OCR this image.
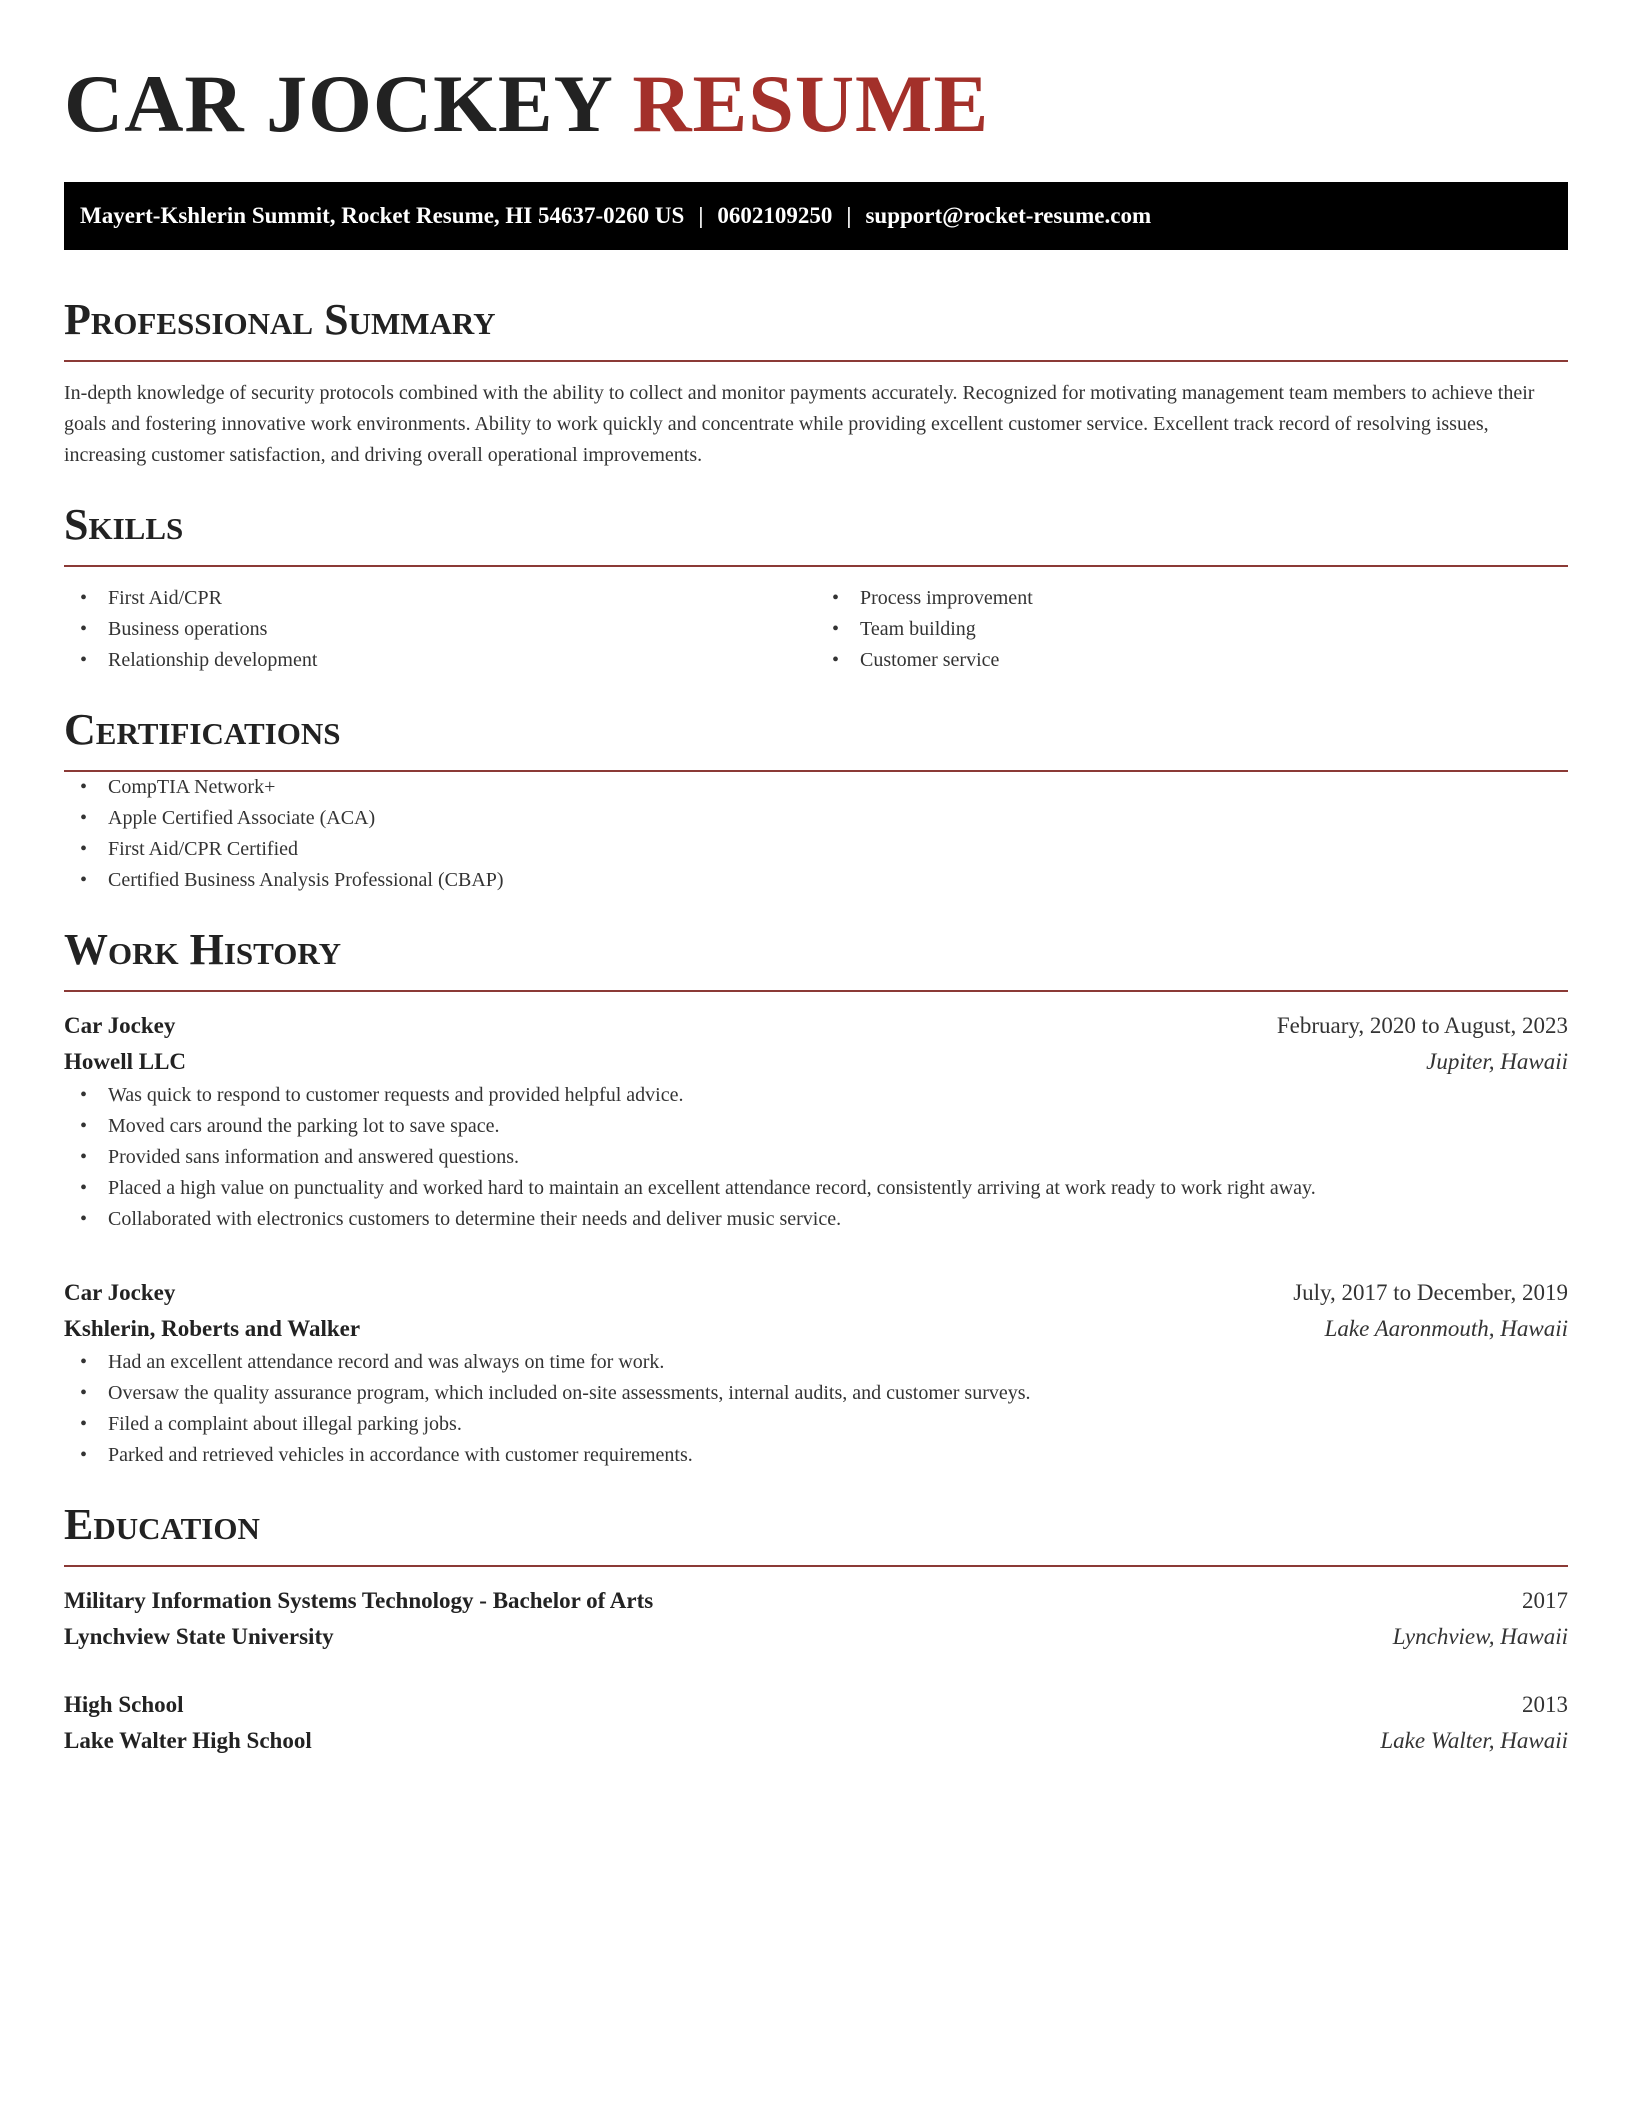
CAR JOCKEY RESUME
Mayert-Kshlerin Summit, Rocket Resume, HI 54637-0260 US | 0602109250 | support@rocket-resume.com
Professional Summary

In-depth knowledge of security protocols combined with the ability to collect and monitor payments accurately. Recognized for motivating management team members to achieve their goals and fostering innovative work environments. Ability to work quickly and concentrate while providing excellent customer service. Excellent track record of resolving issues, increasing customer satisfaction, and driving overall operational improvements.

Skills
• First Aid/CPR
• Business operations
• Relationship development
• Process improvement
• Team building
• Customer service
Certifications
• CompTIA Network+
• Apple Certified Associate (ACA)
• First Aid/CPR Certified
• Certified Business Analysis Professional (CBAP)
Work History
Car Jockey	February, 2020 to August, 2023
Howell LLC	Jupiter, Hawaii
• Was quick to respond to customer requests and provided helpful advice.
• Moved cars around the parking lot to save space.
• Provided sans information and answered questions.
• Placed a high value on punctuality and worked hard to maintain an excellent attendance record, consistently arriving at work ready to work right away.
• Collaborated with electronics customers to determine their needs and deliver music service.
Car Jockey	July, 2017 to December, 2019
Kshlerin, Roberts and Walker	Lake Aaronmouth, Hawaii
• Had an excellent attendance record and was always on time for work.
• Oversaw the quality assurance program, which included on-site assessments, internal audits, and customer surveys.
• Filed a complaint about illegal parking jobs.
• Parked and retrieved vehicles in accordance with customer requirements.
Education
Military Information Systems Technology - Bachelor of Arts	2017
Lynchview State University	Lynchview, Hawaii
High School	2013
Lake Walter High School	Lake Walter, Hawaii
